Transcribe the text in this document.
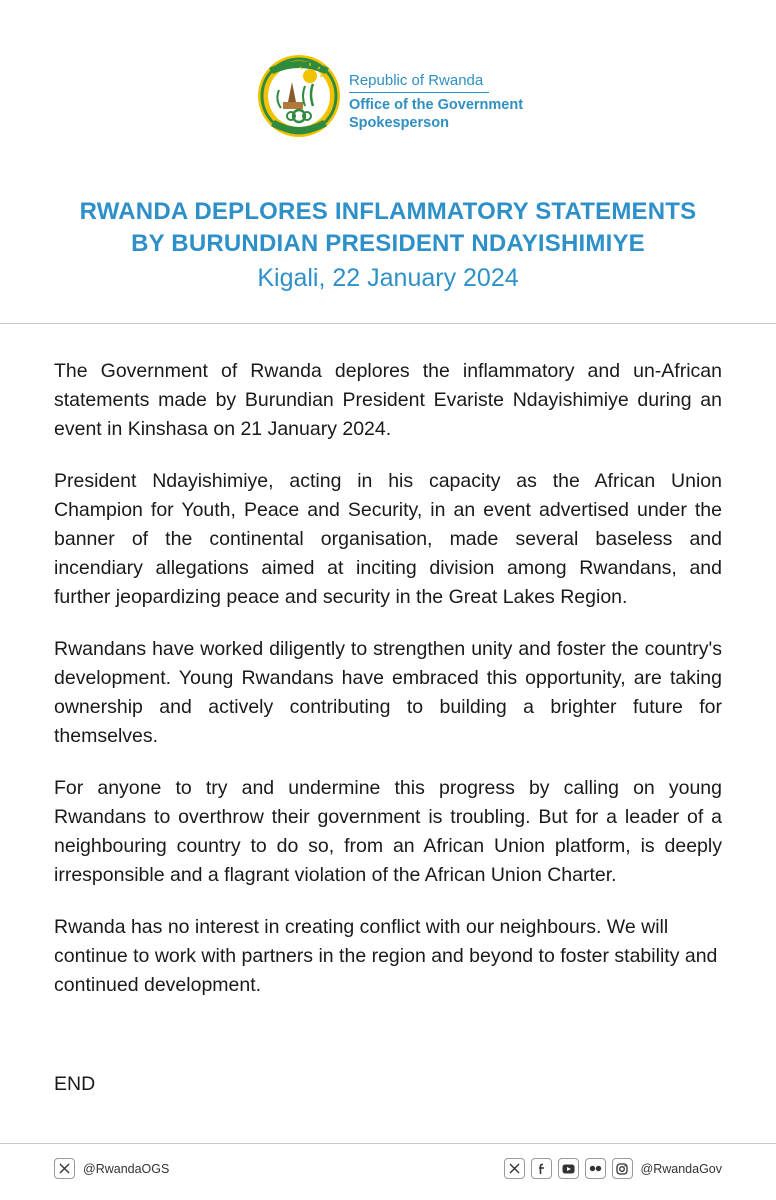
Republic of Rwanda
Office of the Government
Spokesperson
RWANDA DEPLORES INFLAMMATORY STATEMENTS
BY BURUNDIAN PRESIDENT NDAYISHIMIYE
Kigali, 22 January 2024

The Government of Rwanda deplores the inflammatory and un-African statements made by Burundian President Evariste Ndayishimiye during an event in Kinshasa on 21 January 2024.

President Ndayishimiye, acting in his capacity as the African Union Champion for Youth, Peace and Security, in an event advertised under the banner of the continental organisation, made several baseless and incendiary allegations aimed at inciting division among Rwandans, and further jeopardizing peace and security in the Great Lakes Region.

Rwandans have worked diligently to strengthen unity and foster the country's development. Young Rwandans have embraced this opportunity, are taking ownership and actively contributing to building a brighter future for themselves.

For anyone to try and undermine this progress by calling on young Rwandans to overthrow their government is troubling. But for a leader of a neighbouring country to do so, from an African Union platform, is deeply irresponsible and a flagrant violation of the African Union Charter.

Rwanda has no interest in creating conflict with our neighbours. We will continue to work with partners in the region and beyond to foster stability and continued development.

END
@RwandaOGS	@RwandaGov
